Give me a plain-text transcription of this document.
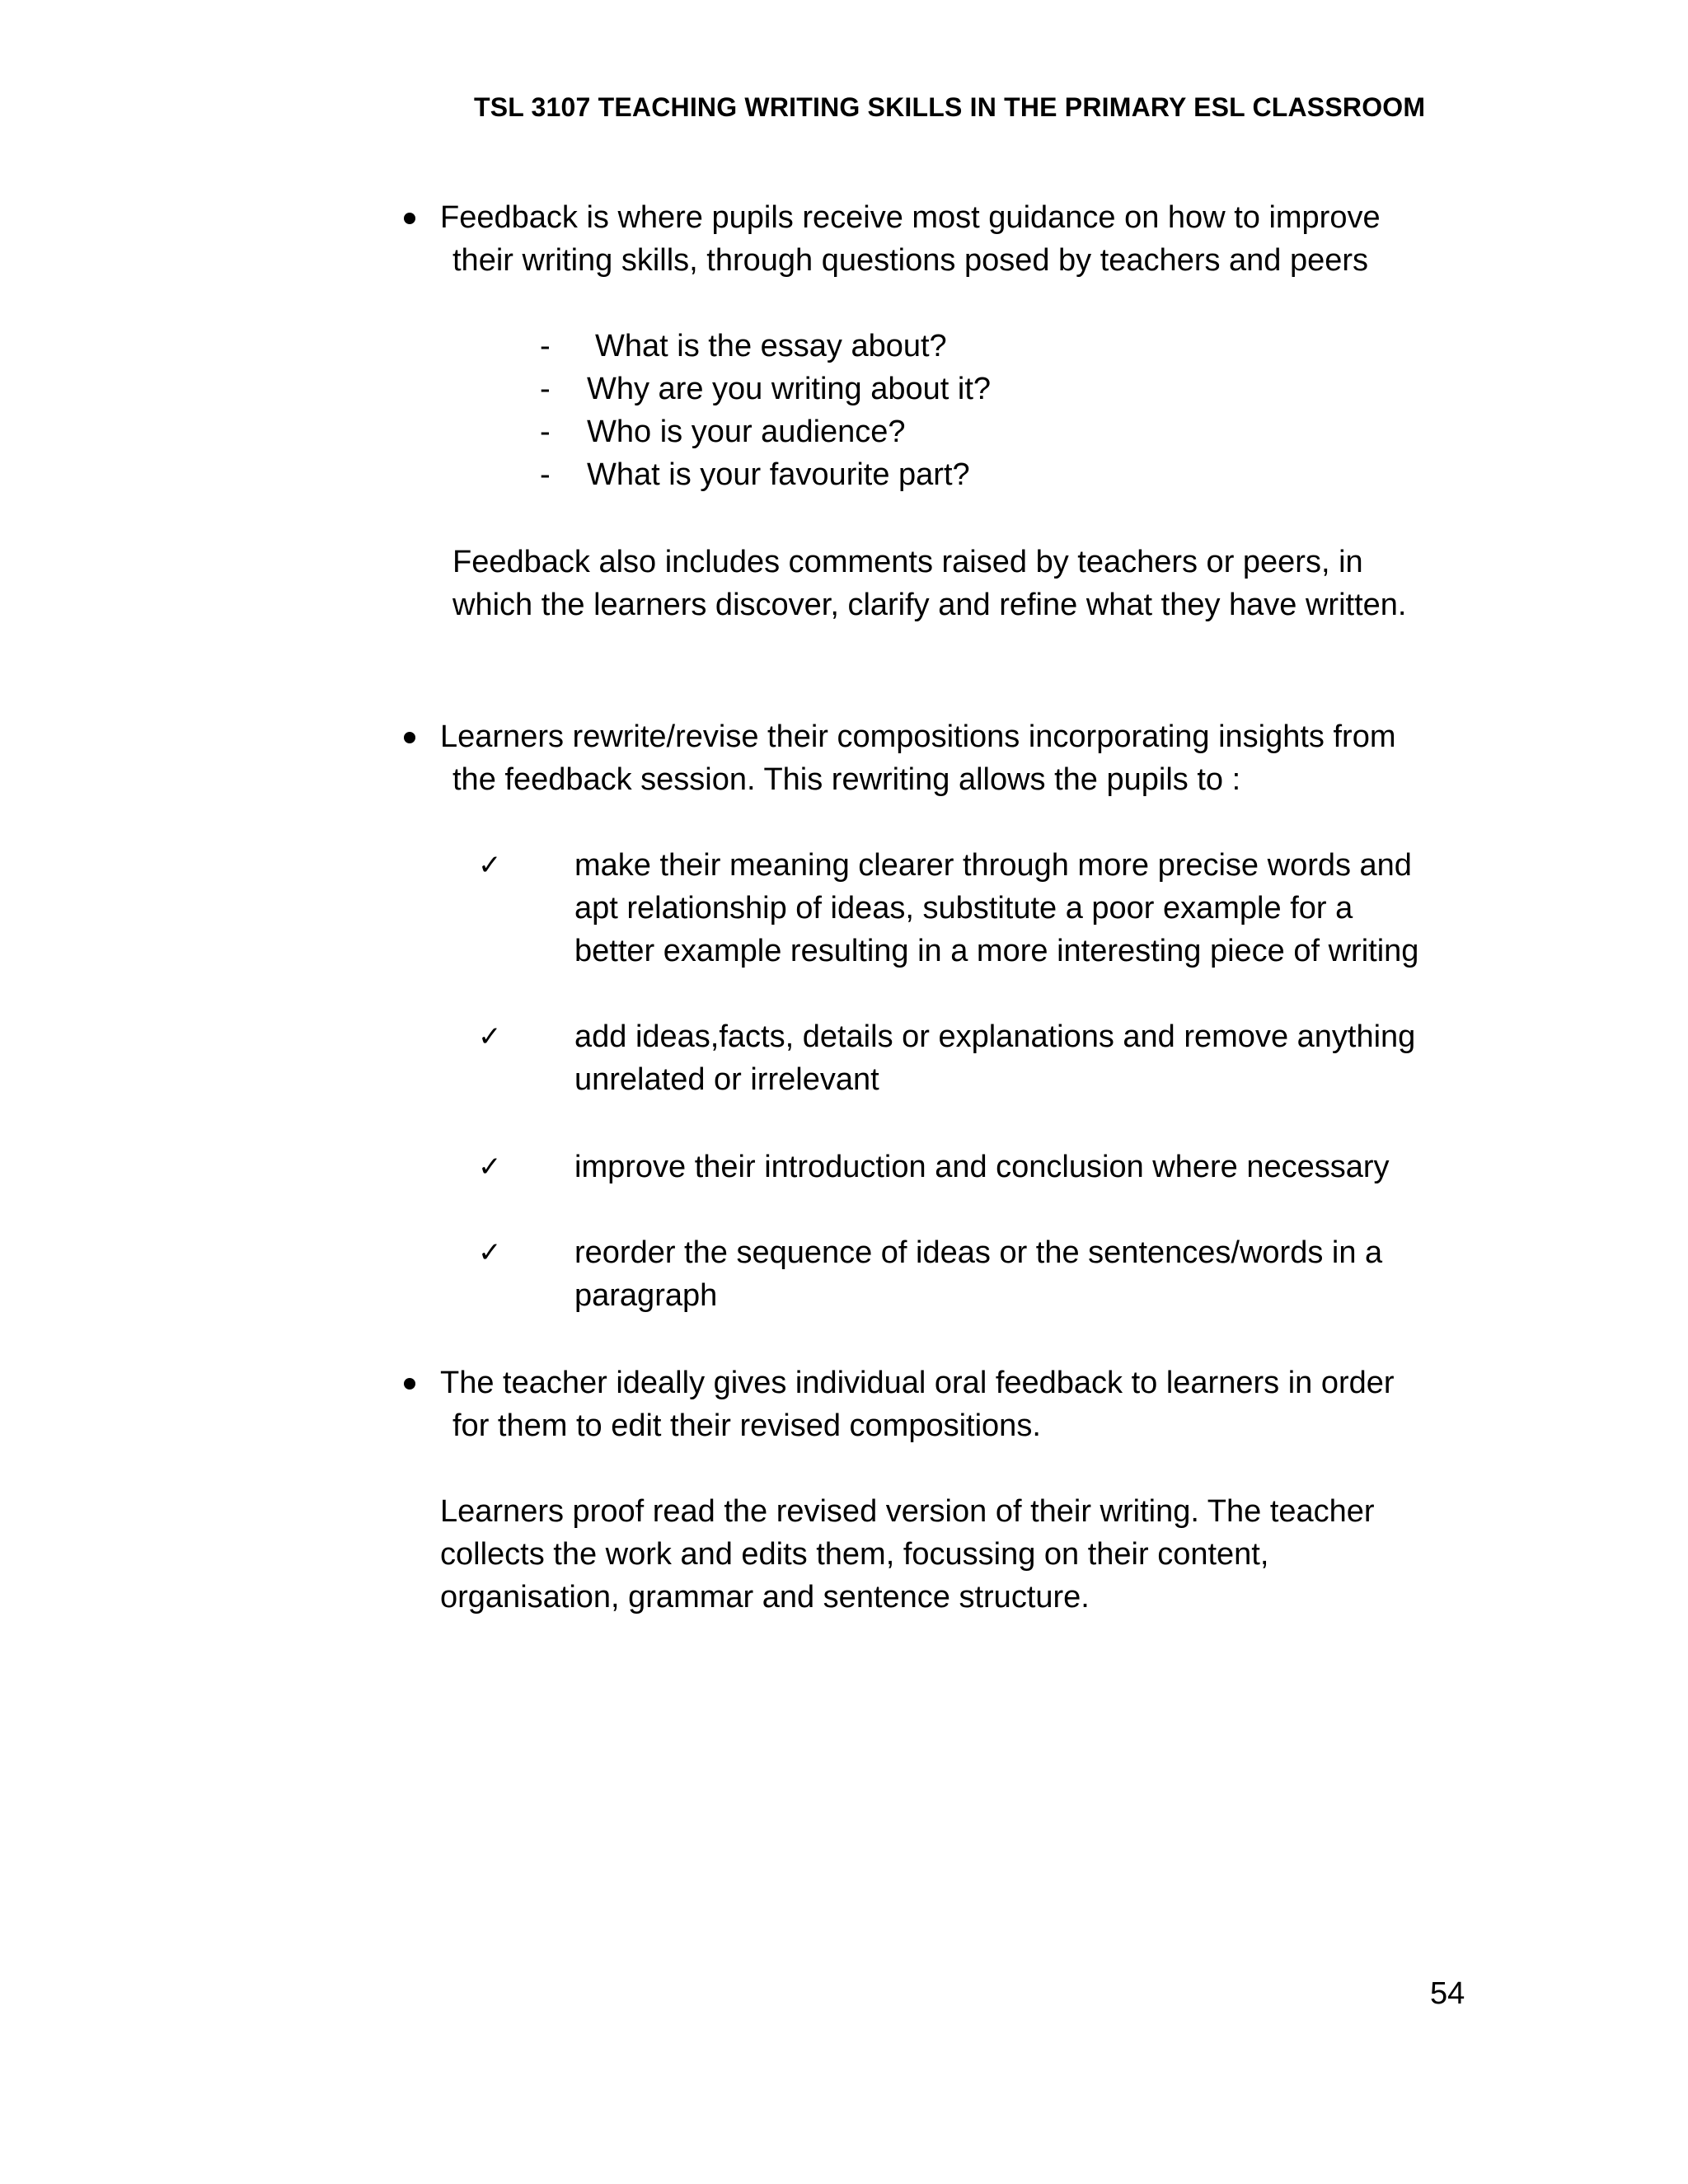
TSL 3107 TEACHING WRITING SKILLS IN THE PRIMARY ESL CLASSROOM
Feedback is where pupils receive most guidance on how to improve
their writing skills, through questions posed by teachers and peers
- What is the essay about?
- Why are you writing about it?
- Who is your audience?
- What is your favourite part?
Feedback also includes comments raised by teachers or peers, in
which the learners discover, clarify and refine what they have written.
Learners rewrite/revise their compositions incorporating insights from
the feedback session. This rewriting allows the pupils to :
✓ make their meaning clearer through more precise words and
apt relationship of ideas, substitute a poor example for a
better example resulting in a more interesting piece of writing
✓ add ideas,facts, details or explanations and remove anything
unrelated or irrelevant
✓ improve their introduction and conclusion where necessary
✓ reorder the sequence of ideas or the sentences/words in a
paragraph
The teacher ideally gives individual oral feedback to learners in order
for them to edit their revised compositions.
Learners proof read the revised version of their writing. The teacher
collects the work and edits them, focussing on their content,
organisation, grammar and sentence structure.
54
